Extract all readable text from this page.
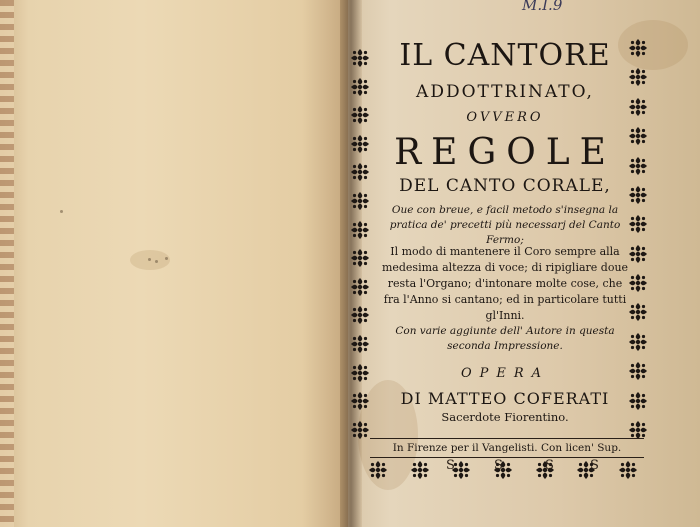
M.I.9
IL CANTORE
ADDOTTRINATO,
OVVERO
REGOLE
DEL CANTO CORALE,
Oue con breue, e facil metodo s'insegna la pratica de' precetti più necessarj del Canto Fermo;
Il modo di mantenere il Coro sempre alla medesima altezza di voce; di ripigliare doue resta l'Organo; d'intonare molte cose, che fra l'Anno si cantano; ed in particolare tutti gl'Inni.
Con varie aggiunte dell' Autore in questa seconda Impressione.
OPERA
DI MATTEO COFERATI
Sacerdote Fiorentino.
In Firenze per il Vangelisti. Con licen' Sup.
S	S	S	S
